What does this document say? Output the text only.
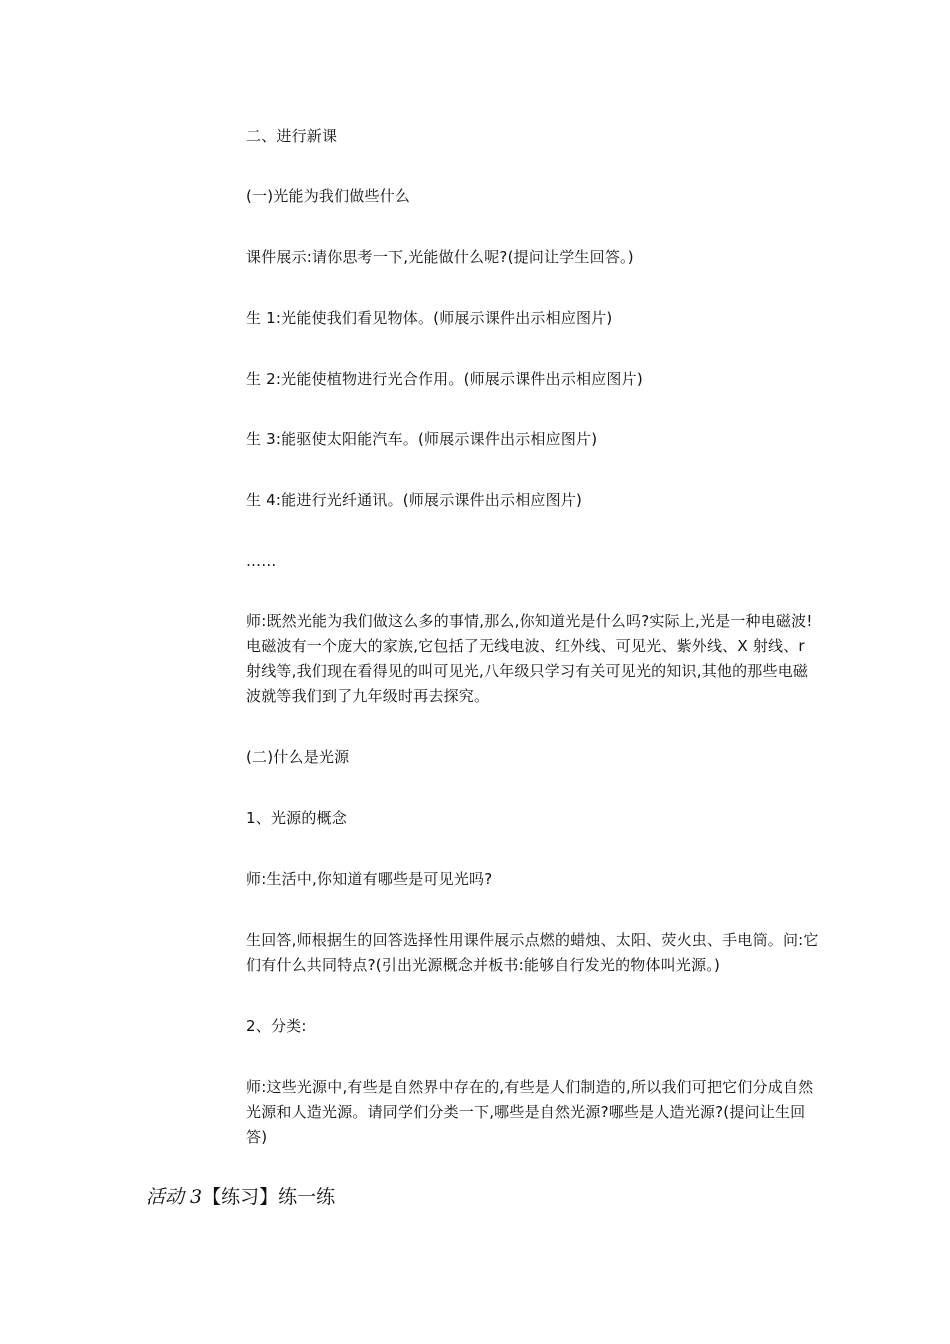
二、进行新课
(一)光能为我们做些什么
课件展示:请你思考一下,光能做什么呢?(提问让学生回答。)
生 1:光能使我们看见物体。(师展示课件出示相应图片)
生 2:光能使植物进行光合作用。(师展示课件出示相应图片)
生 3:能驱使太阳能汽车。(师展示课件出示相应图片)
生 4:能进行光纤通讯。(师展示课件出示相应图片)
……
师:既然光能为我们做这么多的事情,那么,你知道光是什么吗?实际上,光是一种电磁波!电磁波有一个庞大的家族,它包括了无线电波、红外线、可见光、紫外线、X 射线、r 射线等,我们现在看得见的叫可见光,八年级只学习有关可见光的知识,其他的那些电磁波就等我们到了九年级时再去探究。
(二)什么是光源
1、光源的概念
师:生活中,你知道有哪些是可见光吗?
生回答,师根据生的回答选择性用课件展示点燃的蜡烛、太阳、荧火虫、手电筒。问:它们有什么共同特点?(引出光源概念并板书:能够自行发光的物体叫光源。)
2、分类:
师:这些光源中,有些是自然界中存在的,有些是人们制造的,所以我们可把它们分成自然光源和人造光源。请同学们分类一下,哪些是自然光源?哪些是人造光源?(提问让生回答)
活动 3【练习】练一练
